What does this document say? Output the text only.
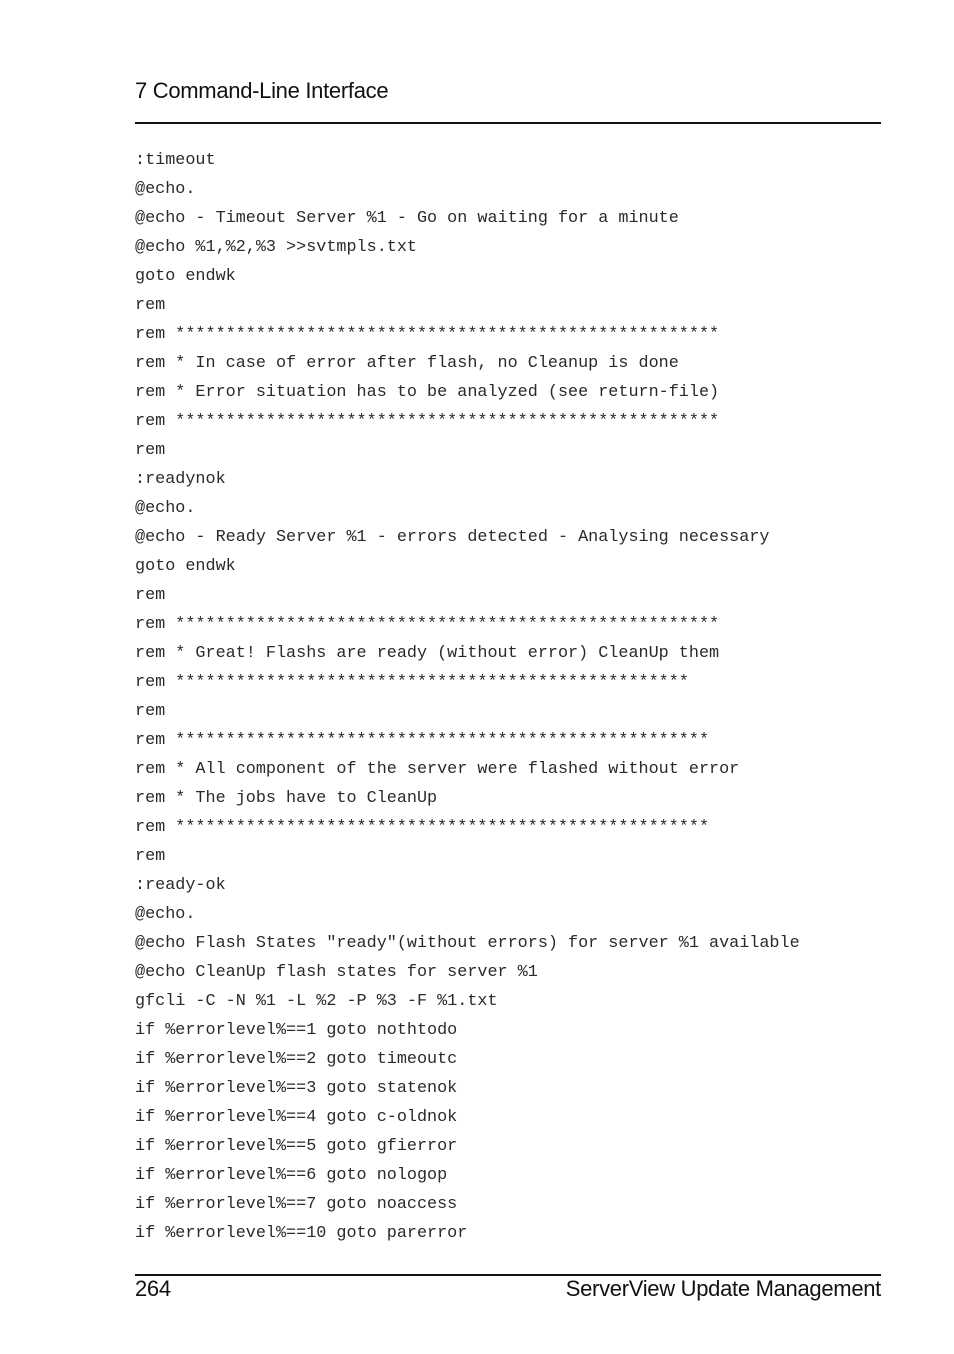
7 Command-Line Interface
:timeout
@echo.
@echo - Timeout Server %1 - Go on waiting for a minute
@echo %1,%2,%3 >>svtmpls.txt
goto endwk
rem
rem ******************************************************
rem * In case of error after flash, no Cleanup is done
rem * Error situation has to be analyzed (see return-file)
rem ******************************************************
rem
:readynok
@echo.
@echo - Ready Server %1 - errors detected - Analysing necessary
goto endwk
rem
rem ******************************************************
rem * Great! Flashs are ready (without error) CleanUp them
rem ***************************************************
rem
rem *****************************************************
rem * All component of the server were flashed without error
rem * The jobs have to CleanUp
rem *****************************************************
rem
:ready-ok
@echo.
@echo Flash States "ready"(without errors) for server %1 available
@echo CleanUp flash states for server %1
gfcli -C -N %1 -L %2 -P %3 -F %1.txt
if %errorlevel%==1 goto nothtodo
if %errorlevel%==2 goto timeoutc
if %errorlevel%==3 goto statenok
if %errorlevel%==4 goto c-oldnok
if %errorlevel%==5 goto gfierror
if %errorlevel%==6 goto nologop
if %errorlevel%==7 goto noaccess
if %errorlevel%==10 goto parerror
264	ServerView Update Management
